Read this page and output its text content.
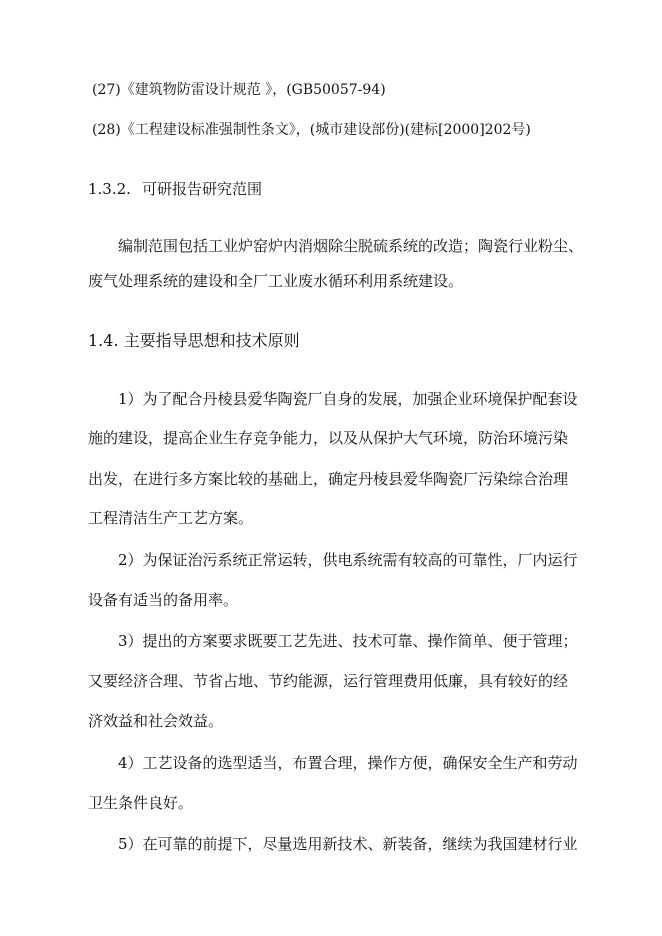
(27)《建筑物防雷设计规范 》，(GB50057-94)
(28)《工程建设标准强制性条文》，(城市建设部份)(建标[2000]202号)
1.3.2. 可研报告研究范围
编制范围包括工业炉窑炉内消烟除尘脱硫系统的改造；陶瓷行业粉尘、
废气处理系统的建设和全厂工业废水循环利用系统建设。
1.4. 主要指导思想和技术原则
1）为了配合丹棱县爱华陶瓷厂自身的发展，加强企业环境保护配套设
施的建设，提高企业生存竞争能力，以及从保护大气环境，防治环境污染
出发，在进行多方案比较的基础上，确定丹棱县爱华陶瓷厂污染综合治理
工程清洁生产工艺方案。
2）为保证治污系统正常运转，供电系统需有较高的可靠性，厂内运行
设备有适当的备用率。
3）提出的方案要求既要工艺先进、技术可靠、操作简单、便于管理；
又要经济合理、节省占地、节约能源，运行管理费用低廉，具有较好的经
济效益和社会效益。
4）工艺设备的选型适当，布置合理，操作方便，确保安全生产和劳动
卫生条件良好。
5）在可靠的前提下，尽量选用新技术、新装备，继续为我国建材行业
